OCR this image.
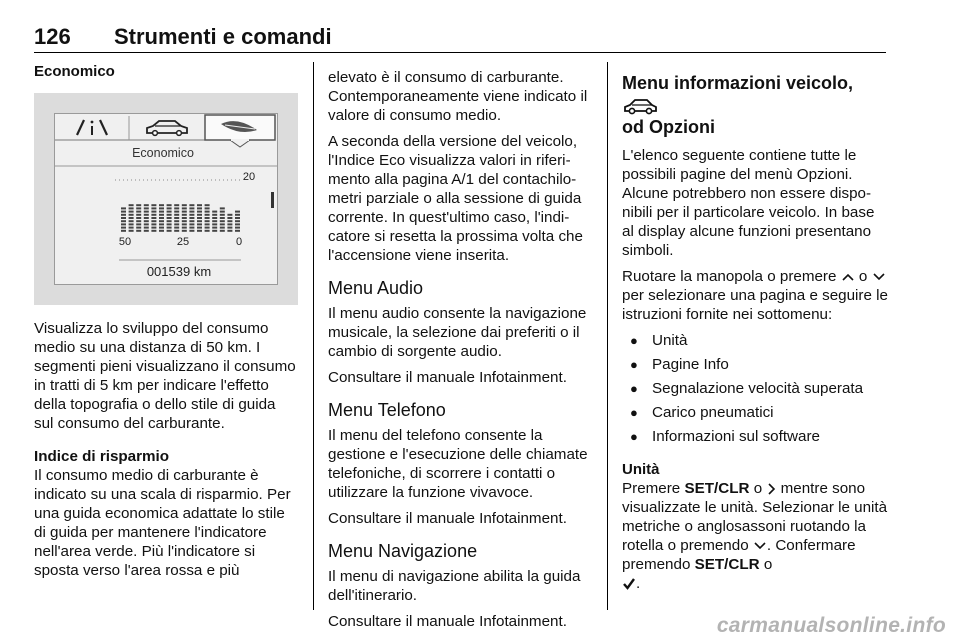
126 Strumenti e comandi
Economico
Economico
20
50	25	0
001539 km

Visualizza lo sviluppo del consumo medio su una distanza di 50 km. I segmenti pieni visualizzano il consumo in tratti di 5 km per indicare l'effetto della topografia o dello stile di guida sul consumo del carburante.

Indice di risparmio

Il consumo medio di carburante è indicato su una scala di risparmio. Per una guida economica adattate lo stile di guida per mantenere l'indicatore nell'area verde. Più l'indicatore si sposta verso l'area rossa e più

elevato è il consumo di carburante. Contemporaneamente viene indicato il valore di consumo medio.

A seconda della versione del veicolo, l'Indice Eco visualizza valori in riferimento alla pagina A/1 del contachilometri parziale o alla sessione di guida corrente. In quest'ultimo caso, l'indicatore si resetta la prossima volta che l'accensione viene inserita.

Menu Audio

Il menu audio consente la navigazione musicale, la selezione dai preferiti o il cambio di sorgente audio.

Consultare il manuale Infotainment.

Menu Telefono

Il menu del telefono consente la gestione e l'esecuzione delle chiamate telefoniche, di scorrere i contatti o utilizzare la funzione vivavoce.

Consultare il manuale Infotainment.

Menu Navigazione

Il menu di navigazione abilita la guida dell'itinerario.

Consultare il manuale Infotainment.

Menu informazioni veicolo,
od Opzioni

L'elenco seguente contiene tutte le possibili pagine del menù Opzioni. Alcune potrebbero non essere disponibili per il particolare veicolo. In base al display alcune funzioni presentano simboli.

Ruotare la manopola o premere o  per selezionare una pagina e seguire le istruzioni fornite nei sottomenu:

● Unità
● Pagine Info
● Segnalazione velocità superata
● Carico pneumatici
● Informazioni sul software
Unità

Premere SET/CLR o mentre sono visualizzate le unità. Selezionar le unità metriche o anglosassoni ruotando la rotella o premendo . Confermare premendo SET/CLR o
.

carmanualsonline.info
